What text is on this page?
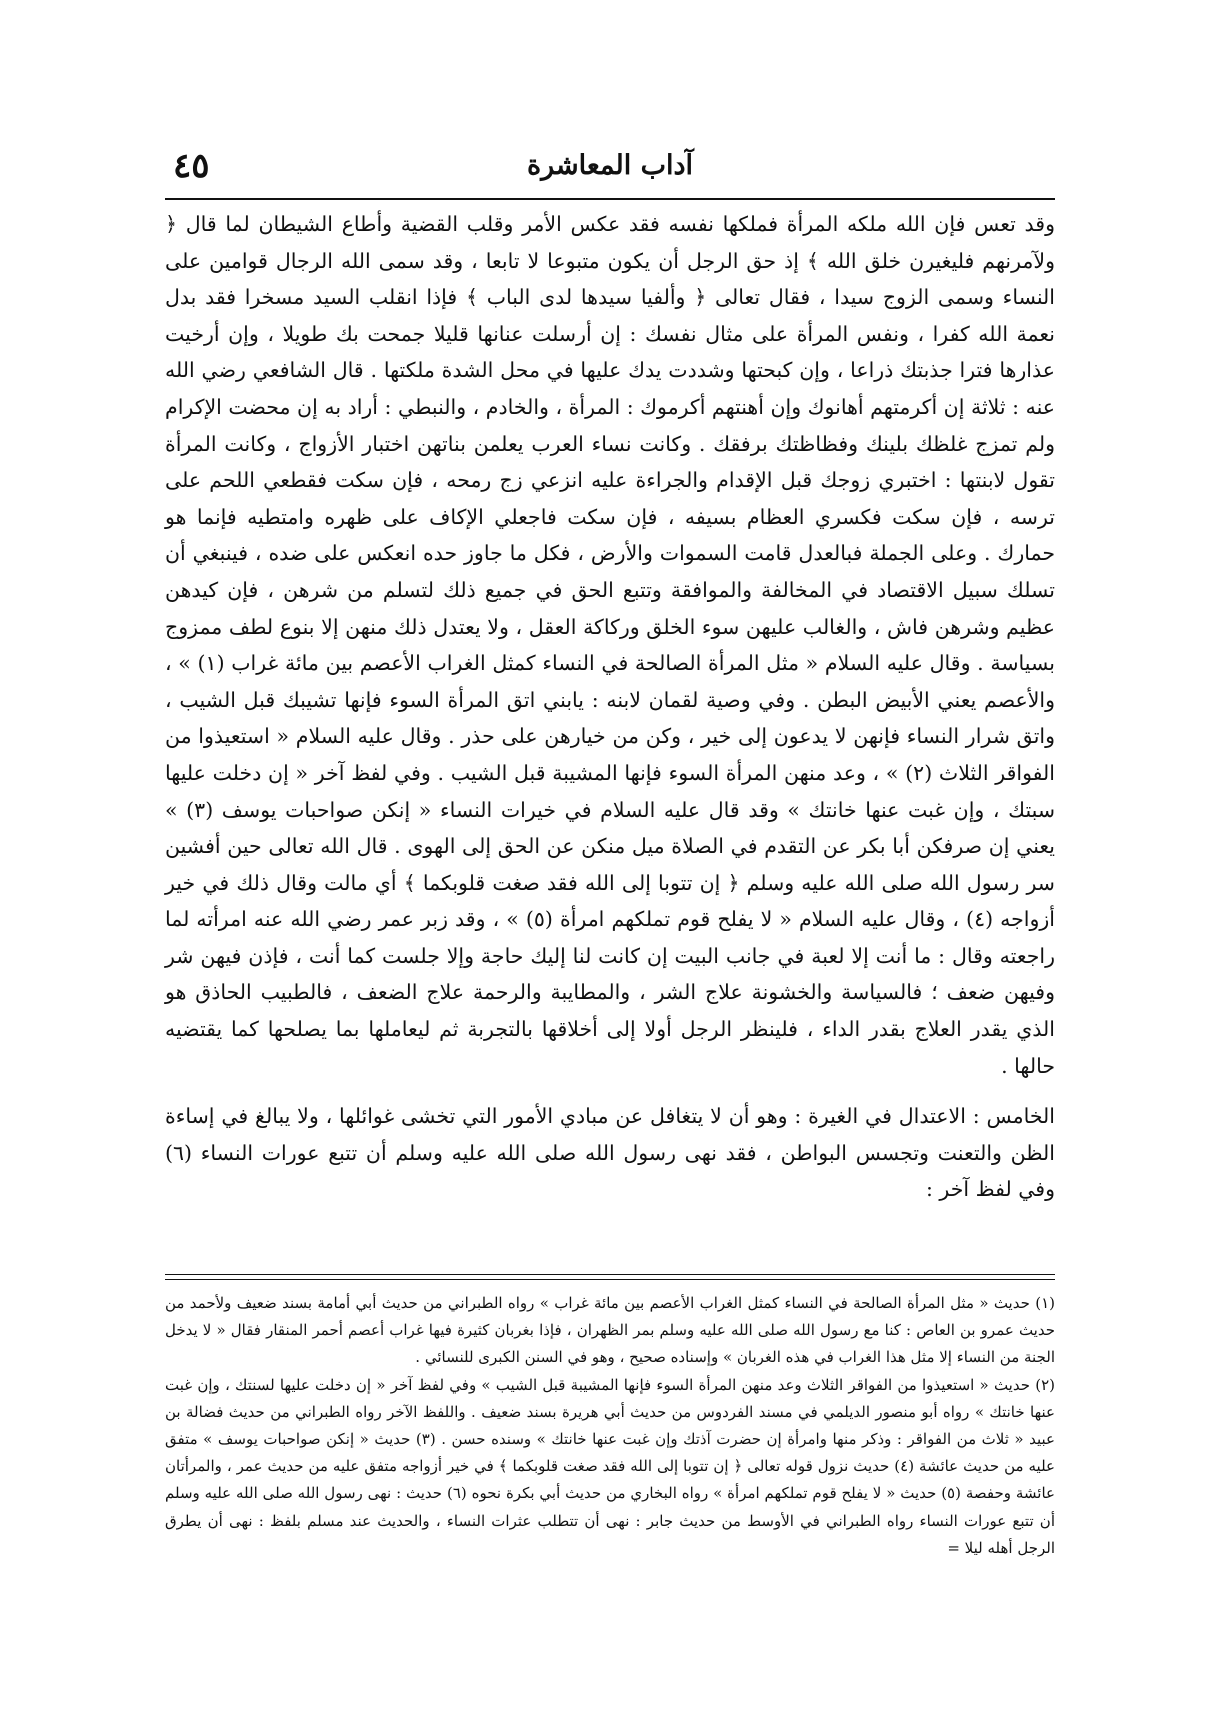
آداب المعاشرة
٤٥

وقد تعس فإن الله ملكه المرأة فملكها نفسه فقد عكس الأمر وقلب القضية وأطاع الشيطان لما قال ﴿ ولآمرنهم فليغيرن خلق الله ﴾ إذ حق الرجل أن يكون متبوعا لا تابعا ، وقد سمى الله الرجال قوامين على النساء وسمى الزوج سيدا ، فقال تعالى ﴿ وألفيا سيدها لدى الباب ﴾ فإذا انقلب السيد مسخرا فقد بدل نعمة الله كفرا ، ونفس المرأة على مثال نفسك : إن أرسلت عنانها قليلا جمحت بك طويلا ، وإن أرخيت عذارها فترا جذبتك ذراعا ، وإن كبحتها وشددت يدك عليها في محل الشدة ملكتها . قال الشافعي رضي الله عنه : ثلاثة إن أكرمتهم أهانوك وإن أهنتهم أكرموك : المرأة ، والخادم ، والنبطي : أراد به إن محضت الإكرام ولم تمزج غلظك بلينك وفظاظتك برفقك . وكانت نساء العرب يعلمن بناتهن اختبار الأزواج ، وكانت المرأة تقول لابنتها : اختبري زوجك قبل الإقدام والجراءة عليه انزعي زج رمحه ، فإن سكت فقطعي اللحم على ترسه ، فإن سكت فكسري العظام بسيفه ، فإن سكت فاجعلي الإكاف على ظهره وامتطيه فإنما هو حمارك . وعلى الجملة فبالعدل قامت السموات والأرض ، فكل ما جاوز حده انعكس على ضده ، فينبغي أن تسلك سبيل الاقتصاد في المخالفة والموافقة وتتبع الحق في جميع ذلك لتسلم من شرهن ، فإن كيدهن عظيم وشرهن فاش ، والغالب عليهن سوء الخلق وركاكة العقل ، ولا يعتدل ذلك منهن إلا بنوع لطف ممزوج بسياسة . وقال عليه السلام « مثل المرأة الصالحة في النساء كمثل الغراب الأعصم بين مائة غراب (١) » ، والأعصم يعني الأبيض البطن . وفي وصية لقمان لابنه : يابني اتق المرأة السوء فإنها تشيبك قبل الشيب ، واتق شرار النساء فإنهن لا يدعون إلى خير ، وكن من خيارهن على حذر . وقال عليه السلام « استعيذوا من الفواقر الثلاث (٢) » ، وعد منهن المرأة السوء فإنها المشيبة قبل الشيب . وفي لفظ آخر « إن دخلت عليها سبتك ، وإن غبت عنها خانتك » وقد قال عليه السلام في خيرات النساء « إنكن صواحبات يوسف (٣) » يعني إن صرفكن أبا بكر عن التقدم في الصلاة ميل منكن عن الحق إلى الهوى . قال الله تعالى حين أفشين سر رسول الله صلى الله عليه وسلم ﴿ إن تتوبا إلى الله فقد صغت قلوبكما ﴾ أي مالت وقال ذلك في خير أزواجه (٤) ، وقال عليه السلام « لا يفلح قوم تملكهم امرأة (٥) » ، وقد زبر عمر رضي الله عنه امرأته لما راجعته وقال : ما أنت إلا لعبة في جانب البيت إن كانت لنا إليك حاجة وإلا جلست كما أنت ، فإذن فيهن شر وفيهن ضعف ؛ فالسياسة والخشونة علاج الشر ، والمطايبة والرحمة علاج الضعف ، فالطبيب الحاذق هو الذي يقدر العلاج بقدر الداء ، فلينظر الرجل أولا إلى أخلاقها بالتجربة ثم ليعاملها بما يصلحها كما يقتضيه حالها .

الخامس : الاعتدال في الغيرة : وهو أن لا يتغافل عن مبادي الأمور التي تخشى غوائلها ، ولا يبالغ في إساءة الظن والتعنت وتجسس البواطن ، فقد نهى رسول الله صلى الله عليه وسلم أن تتبع عورات النساء (٦) وفي لفظ آخر :

(١) حديث « مثل المرأة الصالحة في النساء كمثل الغراب الأعصم بين مائة غراب » رواه الطبراني من حديث أبي أمامة بسند ضعيف ولأحمد من حديث عمرو بن العاص : كنا مع رسول الله صلى الله عليه وسلم بمر الظهران ، فإذا بغربان كثيرة فيها غراب أعصم أحمر المنقار فقال « لا يدخل الجنة من النساء إلا مثل هذا الغراب في هذه الغربان » وإسناده صحيح ، وهو في السنن الكبرى للنسائي .

(٢) حديث « استعيذوا من الفواقر الثلاث وعد منهن المرأة السوء فإنها المشيبة قبل الشيب » وفي لفظ آخر « إن دخلت عليها لسنتك ، وإن غبت عنها خانتك » رواه أبو منصور الديلمي في مسند الفردوس من حديث أبي هريرة بسند ضعيف . واللفظ الآخر رواه الطبراني من حديث فضالة بن عبيد « ثلاث من الفواقر : وذكر منها وامرأة إن حضرت آذتك وإن غبت عنها خانتك » وسنده حسن . (٣) حديث « إنكن صواحبات يوسف » متفق عليه من حديث عائشة (٤) حديث نزول قوله تعالى ﴿ إن تتوبا إلى الله فقد صغت قلوبكما ﴾ في خير أزواجه متفق عليه من حديث عمر ، والمرأتان عائشة وحفصة (٥) حديث « لا يفلح قوم تملكهم امرأة » رواه البخاري من حديث أبي بكرة نحوه (٦) حديث : نهى رسول الله صلى الله عليه وسلم أن تتبع عورات النساء رواه الطبراني في الأوسط من حديث جابر : نهى أن تتطلب عثرات النساء ، والحديث عند مسلم بلفظ : نهى أن يطرق الرجل أهله ليلا =
